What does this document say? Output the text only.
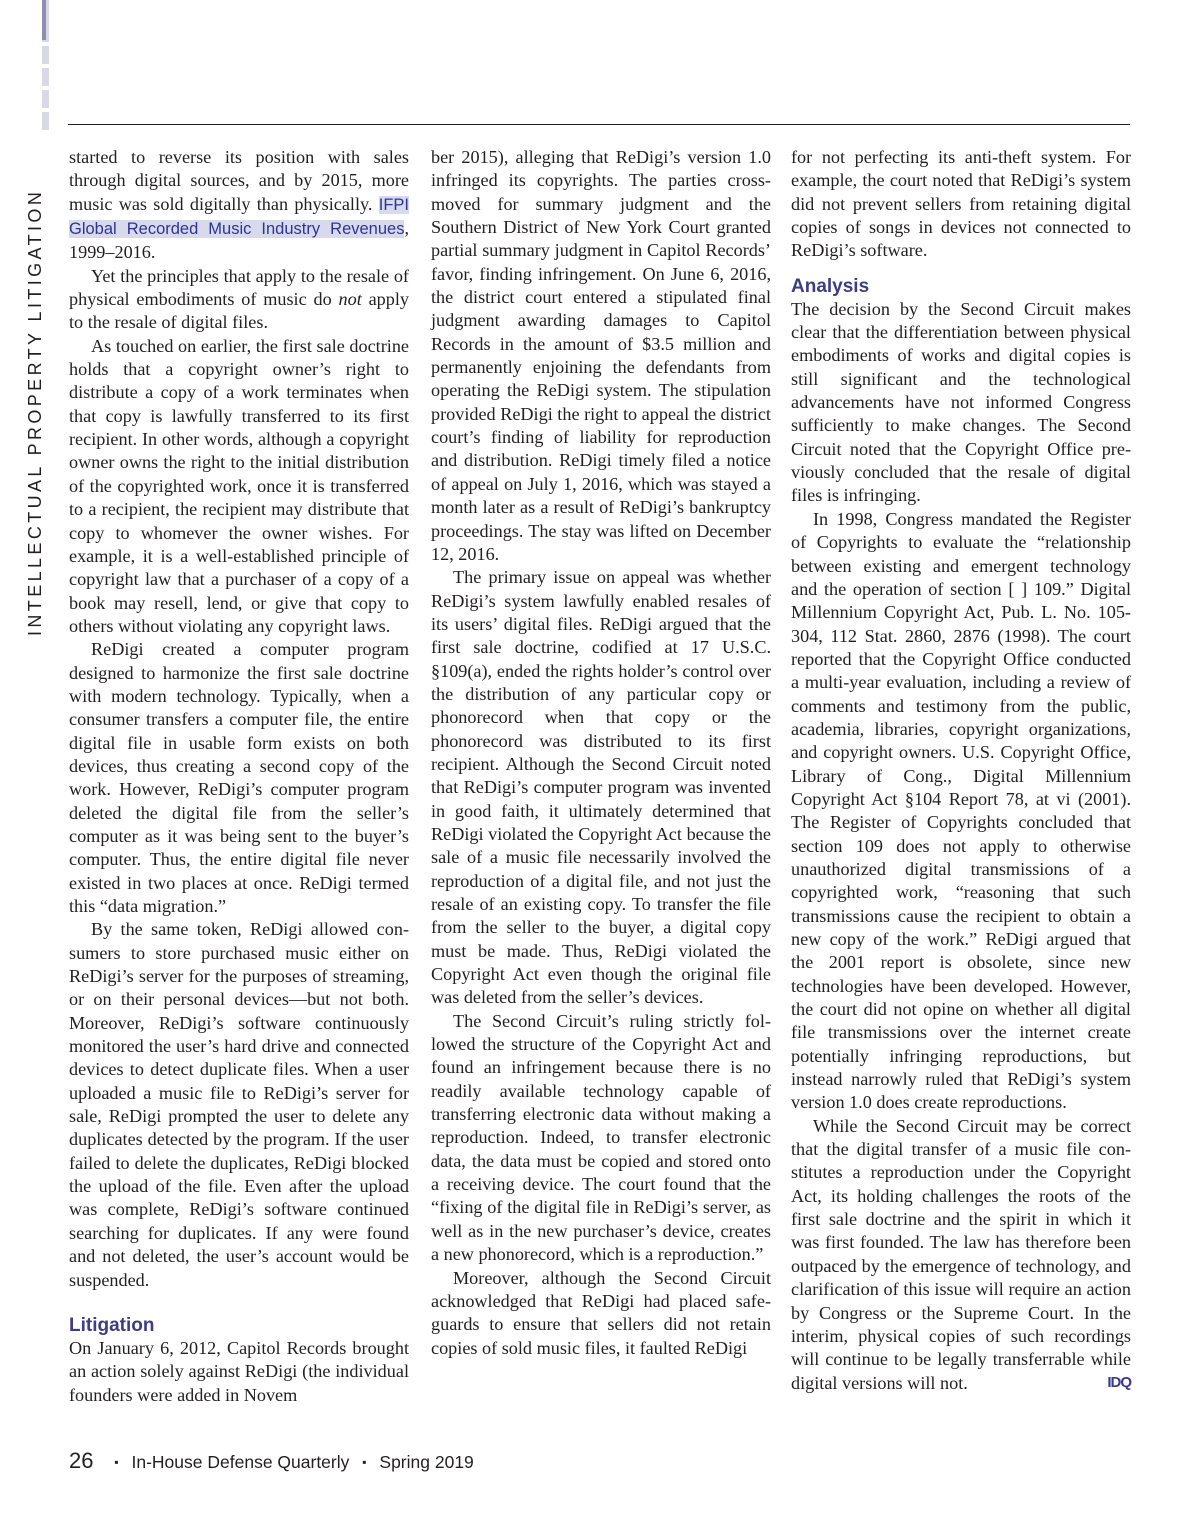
INTELLECTUAL PROPERTY LITIGATION

started to reverse its position with sales through digital sources, and by 2015, more music was sold digitally than physically. IFPI Global Recorded Music Industry Revenues, 1999–2016.

Yet the principles that apply to the resale of physical embodiments of music do not apply to the resale of digital files.

As touched on earlier, the first sale doctrine holds that a copyright owner’s right to distribute a copy of a work terminates when that copy is lawfully transferred to its first recipient. In other words, although a copyright owner owns the right to the initial distribution of the copyrighted work, once it is transferred to a recipient, the recipient may distribute that copy to whomever the owner wishes. For example, it is a well-established principle of copyright law that a purchaser of a copy of a book may resell, lend, or give that copy to others without violating any copyright laws.

ReDigi created a computer program designed to harmonize the first sale doctrine with modern technology. Typically, when a consumer transfers a computer file, the entire digital file in usable form exists on both devices, thus creating a second copy of the work. However, ReDigi’s computer program deleted the digital file from the seller’s computer as it was being sent to the buyer’s computer. Thus, the entire digital file never existed in two places at once. ReDigi termed this “data migration.”

By the same token, ReDigi allowed consumers to store purchased music either on ReDigi’s server for the purposes of streaming, or on their personal devices—but not both. Moreover, ReDigi’s software continuously monitored the user’s hard drive and connected devices to detect duplicate files. When a user uploaded a music file to ReDigi’s server for sale, ReDigi prompted the user to delete any duplicates detected by the program. If the user failed to delete the duplicates, ReDigi blocked the upload of the file. Even after the upload was complete, ReDigi’s software continued searching for duplicates. If any were found and not deleted, the user’s account would be suspended.

Litigation

On January 6, 2012, Capitol Records brought an action solely against ReDigi (the individual founders were added in Novem

ber 2015), alleging that ReDigi’s version 1.0 infringed its copyrights. The parties cross-moved for summary judgment and the Southern District of New York Court granted partial summary judgment in Capitol Records’ favor, finding infringement. On June 6, 2016, the district court entered a stipulated final judgment awarding damages to Capitol Records in the amount of $3.5 million and permanently enjoining the defendants from operating the ReDigi system. The stipulation provided ReDigi the right to appeal the district court’s finding of liability for reproduction and distribution. ReDigi timely filed a notice of appeal on July 1, 2016, which was stayed a month later as a result of ReDigi’s bankruptcy proceedings. The stay was lifted on December 12, 2016.

The primary issue on appeal was whether ReDigi’s system lawfully enabled resales of its users’ digital files. ReDigi argued that the first sale doctrine, codified at 17 U.S.C. §109(a), ended the rights holder’s control over the distribution of any particular copy or phonorecord when that copy or the phonorecord was distributed to its first recipient. Although the Second Circuit noted that ReDigi’s computer program was invented in good faith, it ultimately determined that ReDigi violated the Copyright Act because the sale of a music file necessarily involved the reproduction of a digital file, and not just the resale of an existing copy. To transfer the file from the seller to the buyer, a digital copy must be made. Thus, ReDigi violated the Copyright Act even though the original file was deleted from the seller’s devices.

The Second Circuit’s ruling strictly followed the structure of the Copyright Act and found an infringement because there is no readily available technology capable of transferring electronic data without making a reproduction. Indeed, to transfer electronic data, the data must be copied and stored onto a receiving device. The court found that the “fixing of the digital file in ReDigi’s server, as well as in the new purchaser’s device, creates a new phonorecord, which is a reproduction.”

Moreover, although the Second Circuit acknowledged that ReDigi had placed safeguards to ensure that sellers did not retain copies of sold music files, it faulted ReDigi

for not perfecting its anti-theft system. For example, the court noted that ReDigi’s system did not prevent sellers from retaining digital copies of songs in devices not connected to ReDigi’s software.

Analysis

The decision by the Second Circuit makes clear that the differentiation between physical embodiments of works and digital copies is still significant and the technological advancements have not informed Congress sufficiently to make changes. The Second Circuit noted that the Copyright Office previously concluded that the resale of digital files is infringing.

In 1998, Congress mandated the Register of Copyrights to evaluate the “relationship between existing and emergent technology and the operation of section [ ] 109.” Digital Millennium Copyright Act, Pub. L. No. 105-304, 112 Stat. 2860, 2876 (1998). The court reported that the Copyright Office conducted a multi-year evaluation, including a review of comments and testimony from the public, academia, libraries, copyright organizations, and copyright owners. U.S. Copyright Office, Library of Cong., Digital Millennium Copyright Act §104 Report 78, at vi (2001). The Register of Copyrights concluded that section 109 does not apply to otherwise unauthorized digital transmissions of a copyrighted work, “reasoning that such transmissions cause the recipient to obtain a new copy of the work.” ReDigi argued that the 2001 report is obsolete, since new technologies have been developed. However, the court did not opine on whether all digital file transmissions over the internet create potentially infringing reproductions, but instead narrowly ruled that ReDigi’s system version 1.0 does create reproductions.

While the Second Circuit may be correct that the digital transfer of a music file constitutes a reproduction under the Copyright Act, its holding challenges the roots of the first sale doctrine and the spirit in which it was first founded. The law has therefore been outpaced by the emergence of technology, and clarification of this issue will require an action by Congress or the Supreme Court. In the interim, physical copies of such recordings will continue to be legally transferrable while digital versions will not.	IDQ

26 ▪ In-House Defense Quarterly ▪ Spring 2019
